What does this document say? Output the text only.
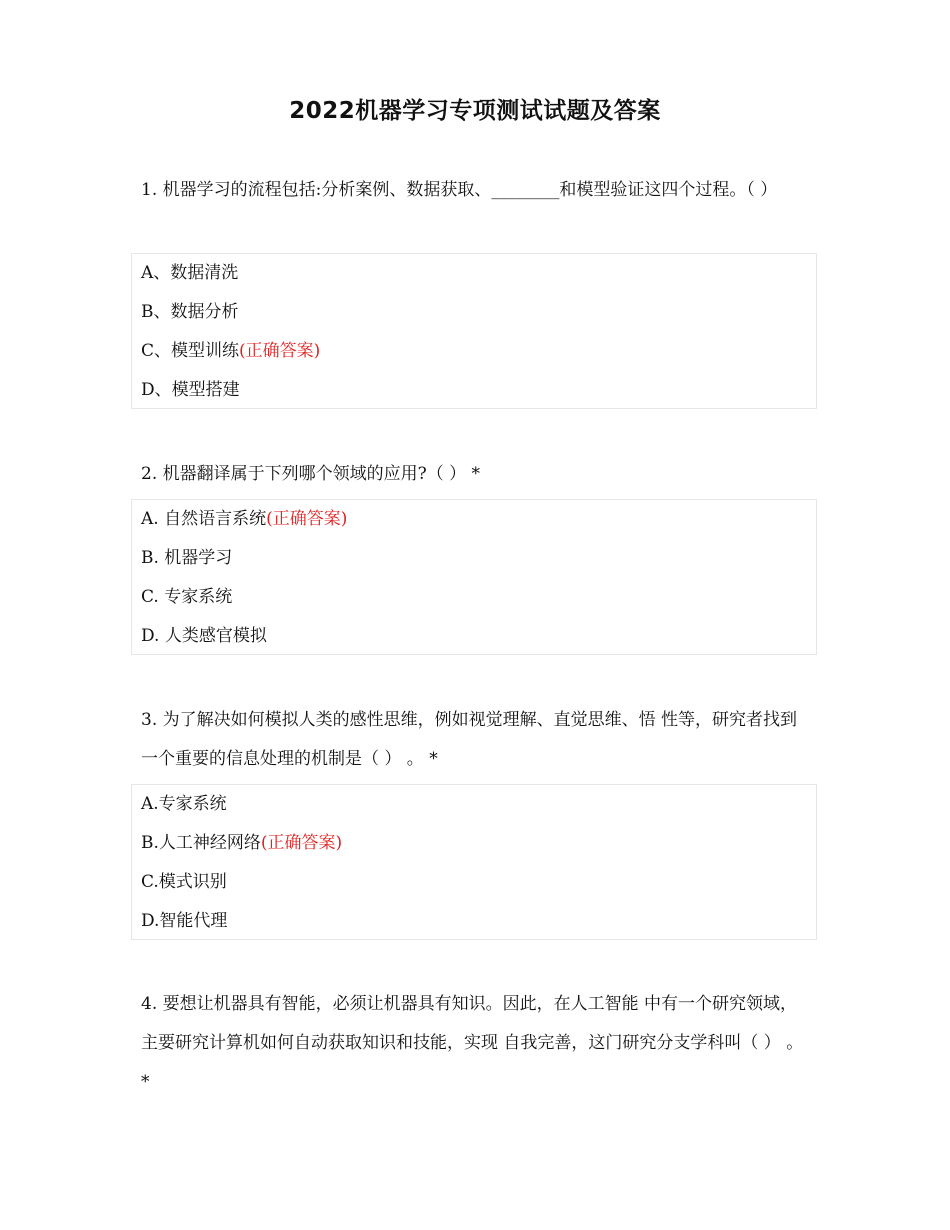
2022机器学习专项测试试题及答案
1. 机器学习的流程包括:分析案例、数据获取、________和模型验证这四个过程。（ ）
A、数据清洗
B、数据分析
C、模型训练(正确答案)
D、模型搭建
2. 机器翻译属于下列哪个领域的应用?（ ） *
A. 自然语言系统(正确答案)
B. 机器学习
C. 专家系统
D. 人类感官模拟
3. 为了解决如何模拟人类的感性思维，例如视觉理解、直觉思维、悟 性等，研究者找到一个重要的信息处理的机制是（ ） 。 *
A.专家系统
B.人工神经网络(正确答案)
C.模式识别
D.智能代理
4. 要想让机器具有智能，必须让机器具有知识。因此，在人工智能 中有一个研究领域，主要研究计算机如何自动获取知识和技能，实现 自我完善，这门研究分支学科叫（ ） 。 *
